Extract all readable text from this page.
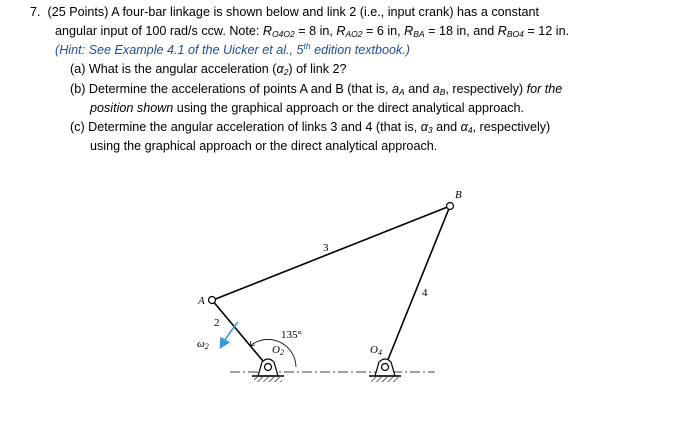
7. (25 Points) A four-bar linkage is shown below and link 2 (i.e., input crank) has a constant
angular input of 100 rad/s ccw. Note: $R_{O4O2} = 8$ in, $R_{AO2} = 6$ in, $R_{BA} = 18$ in, and $R_{BO4} = 12$ in.
(Hint: See Example 4.1 of the Uicker et al., 5th edition textbook.)
(a) What is the angular acceleration $(\alpha_2)$ of link 2?
(b) Determine the accelerations of points A and B (that is, $a_A$ and $a_B$, respectively) for the
position shown using the graphical approach or the direct analytical approach.
(c) Determine the angular acceleration of links 3 and 4 (that is, $\alpha_3$ and $\alpha_4$, respectively)
using the graphical approach or the direct analytical approach.
A
B
2
3
4
ω2
135°
O2	O4
